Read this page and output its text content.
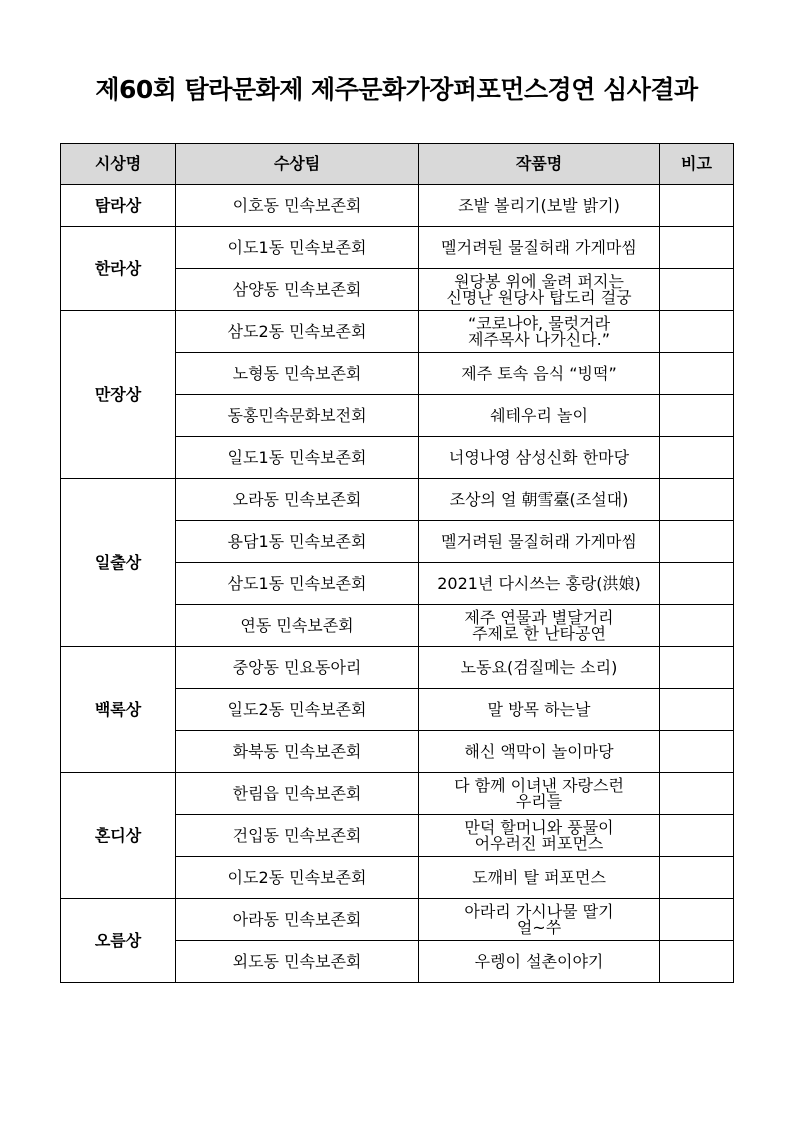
제60회 탐라문화제 제주문화가장퍼포먼스경연 심사결과
시상명	수상팀	작품명	비고
탐라상	이호동 민속보존회	조밭 볼리기(보발 밝기)	

한라상	이도1동 민속보존회	멜거려둰 물질허래 가게마씸	

	삼양동 민속보존회	원당봉 위에 울려 퍼지는
신명난 원당사 탑도리 걸궁	

만장상	삼도2동 민속보존회	“코로나야, 물럿거라
제주목사 나가신다.”	

	노형동 민속보존회	제주 토속 음식 “빙떡”	

	동홍민속문화보전회	쉐테우리 놀이	

	일도1동 민속보존회	너영나영 삼성신화 한마당	

일출상	오라동 민속보존회	조상의 얼 朝雪臺(조설대)	

	용담1동 민속보존회	멜거려둰 물질허래 가게마씸	

	삼도1동 민속보존회	2021년 다시쓰는 홍랑(洪娘)	

	연동 민속보존회	제주 연물과 별달거리
주제로 한 난타공연	

백록상	중앙동 민요동아리	노동요(검질메는 소리)	

	일도2동 민속보존회	말 방목 하는날	

	화북동 민속보존회	해신 액막이 놀이마당	

혼디상	한림읍 민속보존회	다 함께 이녀낸 자랑스런
우리들	

	건입동 민속보존회	만덕 할머니와 풍물이
어우러진 퍼포먼스	

	이도2동 민속보존회	도깨비 탈 퍼포먼스	

오름상	아라동 민속보존회	아라리 가시나물 딸기
얼~쑤	

	외도동 민속보존회	우렝이 설촌이야기	
